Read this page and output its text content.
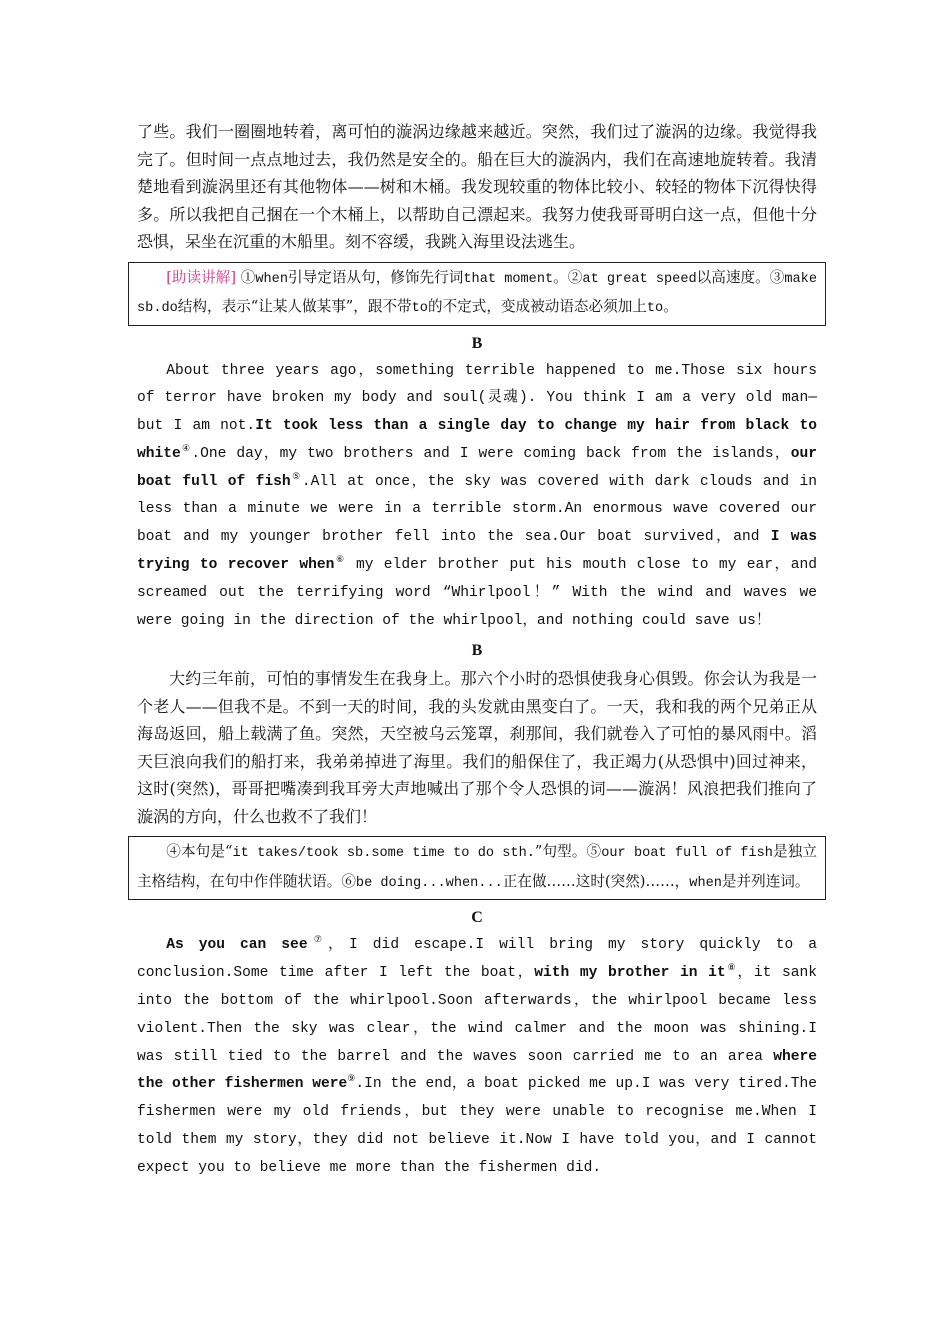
了些。我们一圈圈地转着，离可怕的漩涡边缘越来越近。突然，我们过了漩涡的边缘。我觉得我完了。但时间一点点地过去，我仍然是安全的。船在巨大的漩涡内，我们在高速地旋转着。我清楚地看到漩涡里还有其他物体——树和木桶。我发现较重的物体比较小、较轻的物体下沉得快得多。所以我把自己捆在一个木桶上，以帮助自己漂起来。我努力使我哥哥明白这一点，但他十分恐惧，呆坐在沉重的木船里。刻不容缓，我跳入海里设法逃生。

[助读讲解] ①when引导定语从句，修饰先行词that moment。②at great speed以高速度。③make sb.do结构，表示“让某人做某事”，跟不带to的不定式，变成被动语态必须加上to。
B

About three years ago，something terrible happened to me.Those six hours of terror have broken my body and soul(灵魂). You think I am a very old man—but I am not.It took less than a single day to change my hair from black to white④.One day，my two brothers and I were coming back from the islands，our boat full of fish⑤.All at once，the sky was covered with dark clouds and in less than a minute we were in a terrible storm.An enormous wave covered our boat and my younger brother fell into the sea.Our boat survived，and I was trying to recover when⑥ my elder brother put his mouth close to my ear，and screamed out the terrifying word “Whirlpool！” With the wind and waves we were going in the direction of the whirlpool，and nothing could save us！

B

大约三年前，可怕的事情发生在我身上。那六个小时的恐惧使我身心俱毁。你会认为我是一个老人——但我不是。不到一天的时间，我的头发就由黑变白了。一天，我和我的两个兄弟正从海岛返回，船上载满了鱼。突然，天空被乌云笼罩，刹那间，我们就卷入了可怕的暴风雨中。滔天巨浪向我们的船打来，我弟弟掉进了海里。我们的船保住了，我正竭力(从恐惧中)回过神来，这时(突然)，哥哥把嘴凑到我耳旁大声地喊出了那个令人恐惧的词——漩涡！风浪把我们推向了漩涡的方向，什么也救不了我们！

④本句是“it takes/took sb.some time to do sth.”句型。⑤our boat full of fish是独立主格结构，在句中作伴随状语。⑥be doing...when...正在做……这时(突然)……，when是并列连词。
C

As you can see⑦，I did escape.I will bring my story quickly to a conclusion.Some time after I left the boat，with my brother in it⑧，it sank into the bottom of the whirlpool.Soon afterwards，the whirlpool became less violent.Then the sky was clear，the wind calmer and the moon was shining.I was still tied to the barrel and the waves soon carried me to an area where the other fishermen were⑨.In the end，a boat picked me up.I was very tired.The fishermen were my old friends，but they were unable to recognise me.When I told them my story，they did not believe it.Now I have told you，and I cannot expect you to believe me more than the fishermen did.
